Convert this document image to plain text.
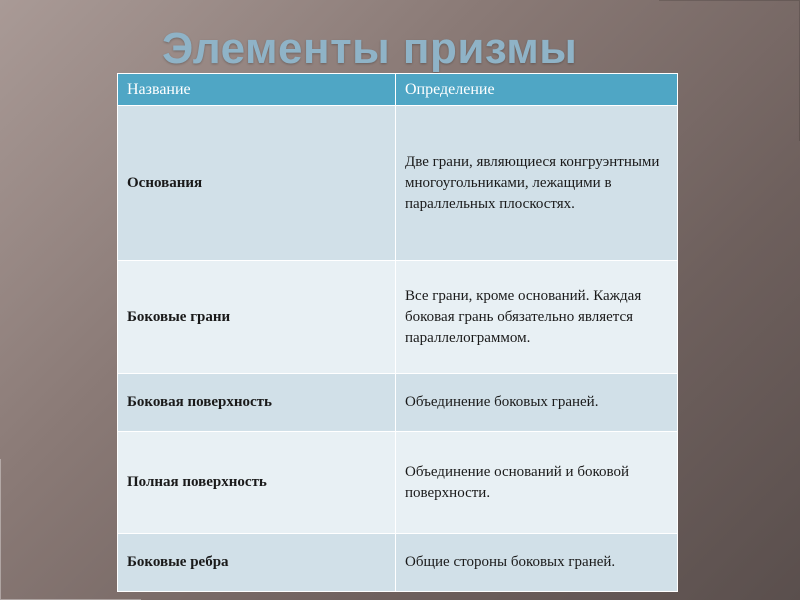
Элементы призмы
Название	Определение
Основания	Две грани, являющиеся конгруэнтными многоугольниками, лежащими в параллельных плоскостях.
Боковые грани	Все грани, кроме оснований. Каждая боковая грань обязательно является параллелограммом.
Боковая поверхность	Объединение боковых граней.
Полная поверхность	Объединение оснований и боковой поверхности.
Боковые ребра	Общие стороны боковых граней.
